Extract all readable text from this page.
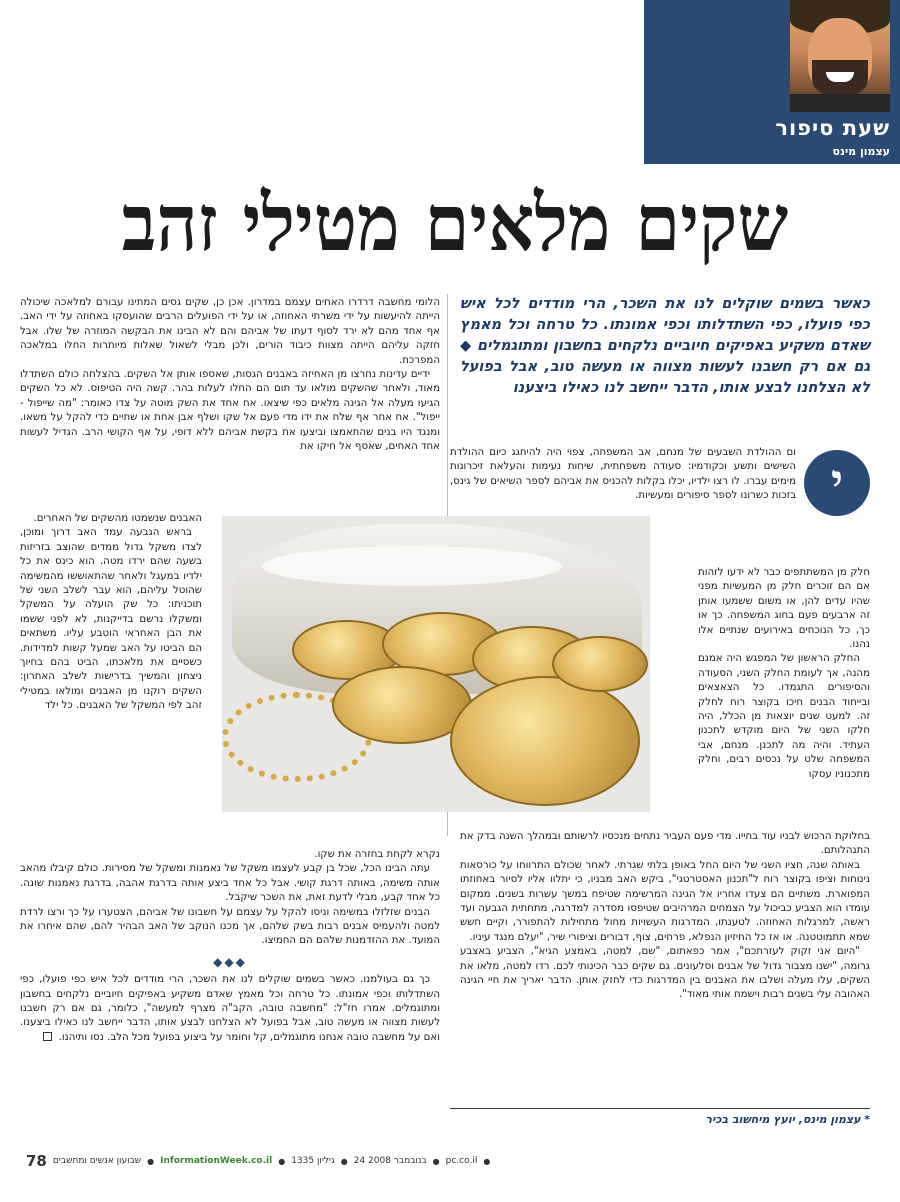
שעת סיפור
עצמון מינס
שקים מלאים מטילי זהב
כאשר בשמים שוקלים לנו את השכר, הרי מודדים לכל איש כפי פועלו, כפי השתדלותו וכפי אמונתו. כל טרחה וכל מאמץ שאדם משקיע באפיקים חיוביים נלקחים בחשבון ומתוגמלים ◆ גם אם רק חשבנו לעשות מצווה או מעשה טוב, אבל בפועל לא הצלחנו לבצע אותו, הדבר ייחשב לנו כאילו ביצענו

הלומי מחשבה דרדרו האחים עצמם במדרון. אכן כן, שקים גסים המתינו עבורם למלאכה שיכולה הייתה להיעשות על ידי משרתי האחוזה, או על ידי הפועלים הרבים שהועסקו באחוזה על ידי האב. אף אחד מהם לא ירד לסוף דעתו של אביהם והם לא הבינו את הבקשה המוזרה של שלו. אבל חזקה עליהם הייתה מצוות כיבוד הורים, ולכן מבלי לשאול שאלות מיותרות החלו במלאכה המפרכת.

ידיים עדינות נחרצו מן האחיזה באבנים הגסות, שאספו אותן אל השקים. בהצלחה כולם השתדלו מאוד, ולאחר שהשקים מולאו עד תום הם החלו לעלות בהר. קשה היה הטיפוס. לא כל השקים הגיעו מעלה אל הגינה מלאים כפי שיצאו. אח אחד את השק מוטה על צדו כאומר: "מה שייפול - ייפול". אח אחר אף שלח את ידו מדי פעם אל שקו ושלף אבן אחת או שתיים כדי להקל על משאו. ומנגד היו בנים שהתאמצו וביצעו את בקשת אביהם ללא דופי, על אף הקושי הרב. הגדיל לעשות אחד האחים, שאסף אל חיקו את

י

ום ההולדת השבעים של מנחם, אב המשפחה, צפוי היה להיחגג כיום ההולדת השישים ותשע וכקודמיו: סעודה משפחתית, שיחות נעימות והעלאת זיכרונות מימים עברו. לו רצו ילדיו, יכלו בקלות להכניס את אביהם לספר השיאים של גינס, בזכות כשרונו לספר סיפורים ומעשיות.

חלק מן המשתתפים כבר לא ידעו לזהות אם הם זוכרים חלק מן המעשיות מפני שהיו עדים להן, או משום ששמעו אותן זה ארבעים פעם בחוג המשפחה. כך או כך, כל הנוכחים באירועים שנתיים אלו נהנו.

החלק הראשון של המפגש היה אמנם מהנה, אך לעומת החלק השני, הסעודה והסיפורים התגמדו. כל הצאצאים ובייחוד הבנים חיכו בקוצר רוח לחלק זה. למעט שנים יוצאות מן הכלל, היה חלקו השני של היום מוקדש לתכנון העתיד. והיה מה לתכנן. מנחם, אבי המשפחה שלט על נכסים רבים, וחלק מתכנוניו עסקו

האבנים שנשמטו מהשקים של האחרים.

בראש הגבעה עמד האב דרוך ומוכן, לצדו משקל גדול ממדים שהוצב בזריזות בשעה שהם ירדו מטה. הוא כינס את כל ילדיו במעגל ולאחר שהתאוששו מהמשימה שהוטל עליהם, הוא עבר לשלב השני של תוכניתו: כל שק הועלה על המשקל ומשקלו נרשם בדייקנות, לא לפני ששמו את הבן האחראי הוטבע עליו. משתאים הם הביטו על האב שמעל קשות למדידות. כשסיים את מלאכתו, הביט בהם בחיוך ניצחון והמשיך בדרישות לשלב האחרון: השקים רוקנו מן האבנים ומולאו במטילי זהב לפי המשקל של האבנים. כל ילד

בחלוקת הרכוש לבניו עוד בחייו. מדי פעם העביר נתחים מנכסיו לרשותם ובמהלך השנה בדק את התנהלותם.

באותה שנה, חציו השני של היום החל באופן בלתי שגרתי. לאחר שכולם התרווחו על כורסאות נינוחות וציפו בקוצר רוח ל"תכנון האסטרטגי", ביקש האב מבניו, כי יתלוו אליו לסיור באחוזתו המפוארת. משתיים הם צעדו אחריו אל הגינה המרשימה שטיפח במשך עשרות בשנים. ממקום עומדו הוא הצביע כביכול על הצמחים המרהיבים שטיפסו מסדרה למדרגה, מתחתית הגבעה ועד ראשה, למרגלות האחוזה. לטענתו, המדרגות העשויות מחול מתחילות להתפורר, וקיים חשש שמא תתמוטטנה. או אז כל החיזיון הנפלא, פרחים, צוף, דבורים וציפורי שיר, "יעלם מנגד עיניו.

"היום אני זקוק לעזרתכם", אמר כפאתום, "שם, למטה, באמצע הגיא", הצביע באצבע גרומה, "ישנו מצבור גדול של אבנים וסלעונים. גם שקים כבר הכינותי לכם. רדו למטה, מלאו את השקים, עלו מעלה ושלבו את האבנים בין המדרגות כדי לחזק אותן. הדבר יאריך את חיי הגינה האהובה עלי בשנים רבות וישמח אותי מאוד".

נקרא לקחת בחזרה את שקו.

עתה הבינו הכל, שכל בן קבע לעצמו משקל של נאמנות ומשקל של מסירות. כולם קיבלו מהאב אותה משימה, באותה דרגת קושי. אבל כל אחד ביצע אותה בדרגת אהבה, בדרגת נאמנות שונה. כל אחד קבע, מבלי לדעת זאת, את השכר שיקבל.

הבנים שזלזלו במשימה וניסו להקל על עצמם על חשבונו של אביהם, הצטערו על כך ורצו לרדת למטה ולהעמיס אבנים רבות בשק שלהם, אך מכנו הנוקב של האב הבהיר להם, שהם איחרו את המועד. את ההזדמנות שלהם הם החמיצו.

◆◆◆

כך גם בעולמנו. כאשר בשמים שוקלים לנו את השכר, הרי מודדים לכל איש כפי פועלו, כפי השתדלותו וכפי אמונתו. כל טרחה וכל מאמץ שאדם משקיע באפיקים חיוביים נלקחים בחשבון ומתוגמלים. אמרו חז"ל: "מחשבה טובה, הקב"ה מצרף למעשה", כלומר, גם אם רק חשבנו לעשות מצווה או מעשה טוב, אבל בפועל לא הצלחנו לבצע אותו, הדבר ייחשב לנו כאילו ביצענו. ואם על מחשבה טובה אנחנו מתוגמלים, קל וחומר על ביצוע בפועל מכל הלב. נסו ותיהנו.

* עצמון מינס, יועץ מיחשוב בכיר
78 שבועון אנשים ומחשבים ● InformationWeek.co.il ● גיליון 1335 ● 24 בנובמבר 2008 ● pc.co.il ●
